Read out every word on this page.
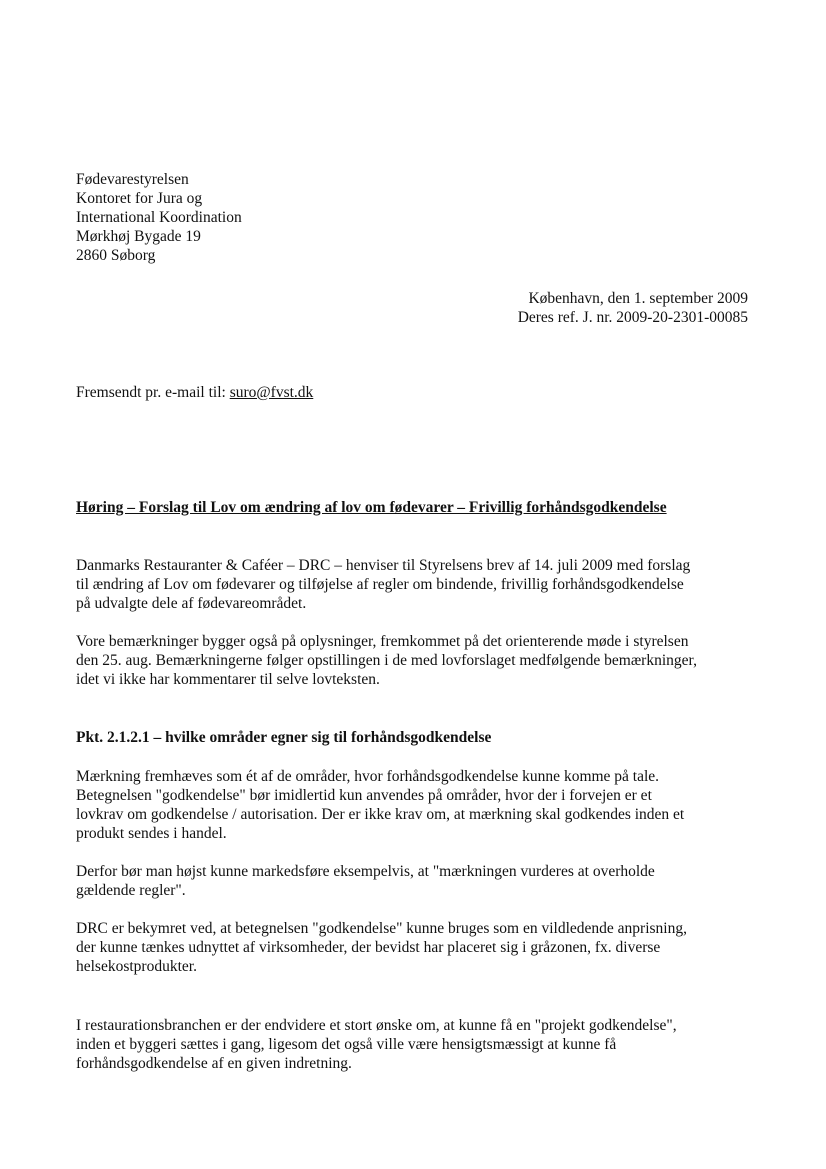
Fødevarestyrelsen
Kontoret for Jura og
International Koordination
Mørkhøj Bygade 19
2860 Søborg
København, den 1. september 2009
Deres ref. J. nr. 2009-20-2301-00085
Fremsendt pr. e-mail til: suro@fvst.dk
Høring – Forslag til Lov om ændring af lov om fødevarer – Frivillig forhåndsgodkendelse
Danmarks Restauranter & Caféer – DRC – henviser til Styrelsens brev af 14. juli 2009 med forslag
til ændring af Lov om fødevarer og tilføjelse af regler om bindende, frivillig forhåndsgodkendelse
på udvalgte dele af fødevareområdet.
Vore bemærkninger bygger også på oplysninger, fremkommet på det orienterende møde i styrelsen
den 25. aug. Bemærkningerne følger opstillingen i de med lovforslaget medfølgende bemærkninger,
idet vi ikke har kommentarer til selve lovteksten.
Pkt. 2.1.2.1 – hvilke områder egner sig til forhåndsgodkendelse
Mærkning fremhæves som ét af de områder, hvor forhåndsgodkendelse kunne komme på tale.
Betegnelsen "godkendelse" bør imidlertid kun anvendes på områder, hvor der i forvejen er et
lovkrav om godkendelse / autorisation. Der er ikke krav om, at mærkning skal godkendes inden et
produkt sendes i handel.
Derfor bør man højst kunne markedsføre eksempelvis, at "mærkningen vurderes at overholde
gældende regler".
DRC er bekymret ved, at betegnelsen "godkendelse" kunne bruges som en vildledende anprisning,
der kunne tænkes udnyttet af virksomheder, der bevidst har placeret sig i gråzonen, fx. diverse
helsekostprodukter.
I restaurationsbranchen er der endvidere et stort ønske om, at kunne få en "projekt godkendelse",
inden et byggeri sættes i gang, ligesom det også ville være hensigtsmæssigt at kunne få
forhåndsgodkendelse af en given indretning.
